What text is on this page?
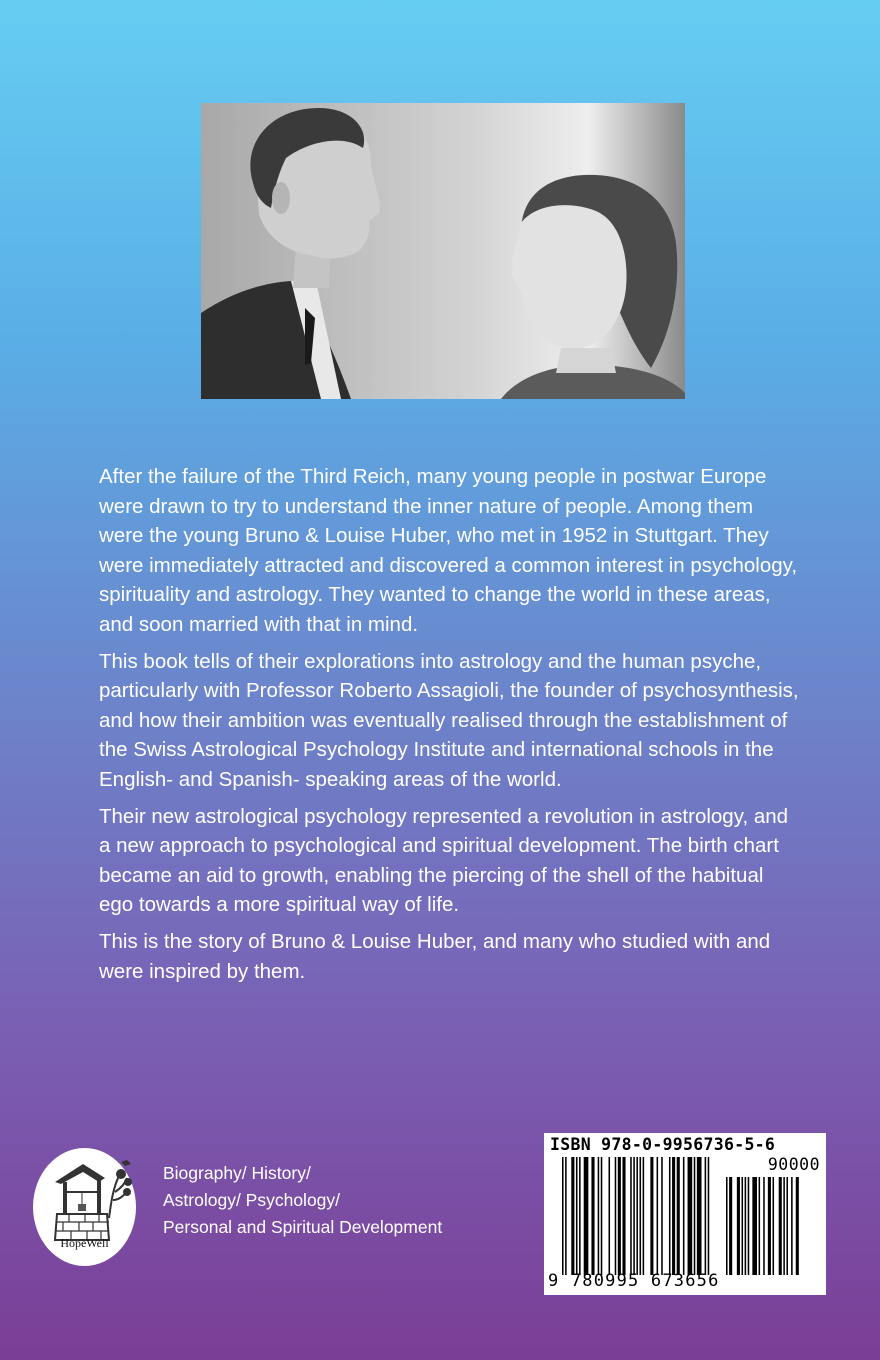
After the failure of the Third Reich, many young people in postwar Europe were drawn to try to understand the inner nature of people. Among them were the young Bruno & Louise Huber, who met in 1952 in Stuttgart. They were immediately attracted and discovered a common interest in psychology, spirituality and astrology. They wanted to change the world in these areas, and soon married with that in mind.

This book tells of their explorations into astrology and the human psyche, particularly with Professor Roberto Assagioli, the founder of psychosynthesis, and how their ambition was eventually realised through the establishment of the Swiss Astrological Psychology Institute and international schools in the English- and Spanish- speaking areas of the world.

Their new astrological psychology represented a revolution in astrology, and a new approach to psychological and spiritual development. The birth chart became an aid to growth, enabling the piercing of the shell of the habitual ego towards a more spiritual way of life.

This is the story of Bruno & Louise Huber, and many who studied with and were inspired by them.

HopeWell
Biography/ History/
Astrology/ Psychology/
Personal and Spiritual Development
ISBN 978-0-9956736-5-6
90000
9 780995 673656
